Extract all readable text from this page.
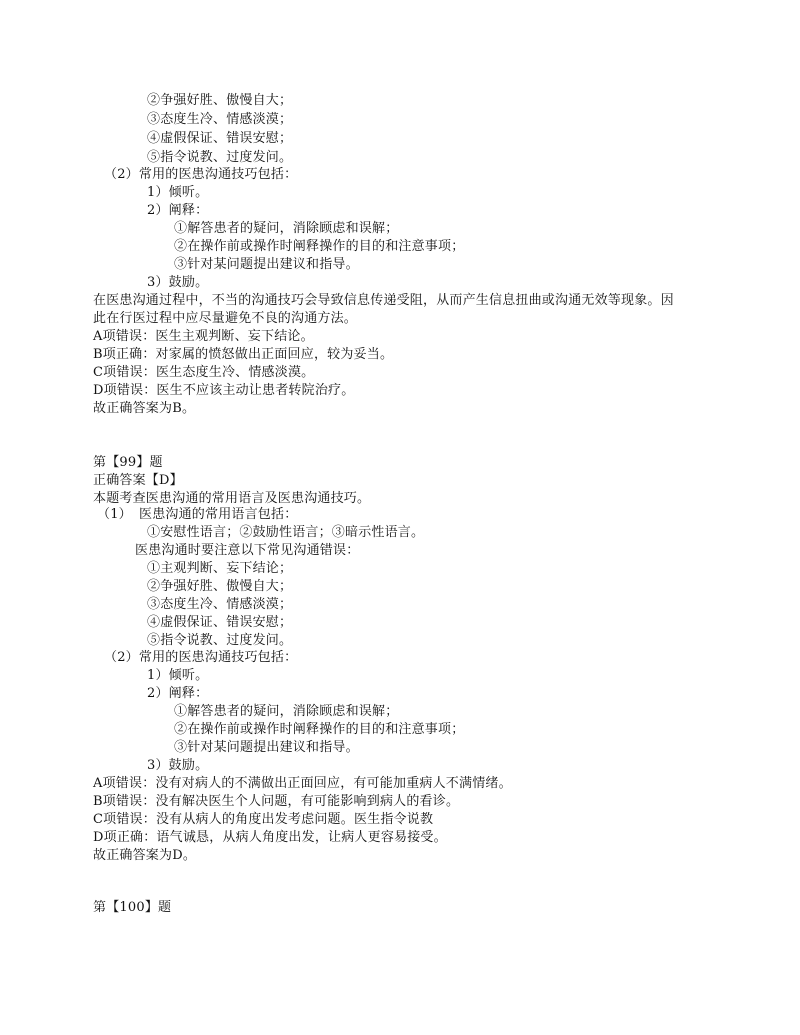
②争强好胜、傲慢自大；
③态度生冷、情感淡漠；
④虚假保证、错误安慰；
⑤指令说教、过度发问。
（2）常用的医患沟通技巧包括：
1）倾听。
2）阐释：
①解答患者的疑问，消除顾虑和误解；
②在操作前或操作时阐释操作的目的和注意事项；
③针对某问题提出建议和指导。
3）鼓励。
在医患沟通过程中，不当的沟通技巧会导致信息传递受阻，从而产生信息扭曲或沟通无效等现象。因
此在行医过程中应尽量避免不良的沟通方法。
A项错误：医生主观判断、妄下结论。
B项正确：对家属的愤怒做出正面回应，较为妥当。
C项错误：医生态度生冷、情感淡漠。
D项错误：医生不应该主动让患者转院治疗。
故正确答案为B。
第【99】题
正确答案【D】
本题考查医患沟通的常用语言及医患沟通技巧。
（1） 医患沟通的常用语言包括：
①安慰性语言；②鼓励性语言；③暗示性语言。
医患沟通时要注意以下常见沟通错误：
①主观判断、妄下结论；
②争强好胜、傲慢自大；
③态度生冷、情感淡漠；
④虚假保证、错误安慰；
⑤指令说教、过度发问。
（2）常用的医患沟通技巧包括：
1）倾听。
2）阐释：
①解答患者的疑问，消除顾虑和误解；
②在操作前或操作时阐释操作的目的和注意事项；
③针对某问题提出建议和指导。
3）鼓励。
A项错误：没有对病人的不满做出正面回应，有可能加重病人不满情绪。
B项错误：没有解决医生个人问题，有可能影响到病人的看诊。
C项错误：没有从病人的角度出发考虑问题。医生指令说教
D项正确：语气诚恳，从病人角度出发，让病人更容易接受。
故正确答案为D。
第【100】题
